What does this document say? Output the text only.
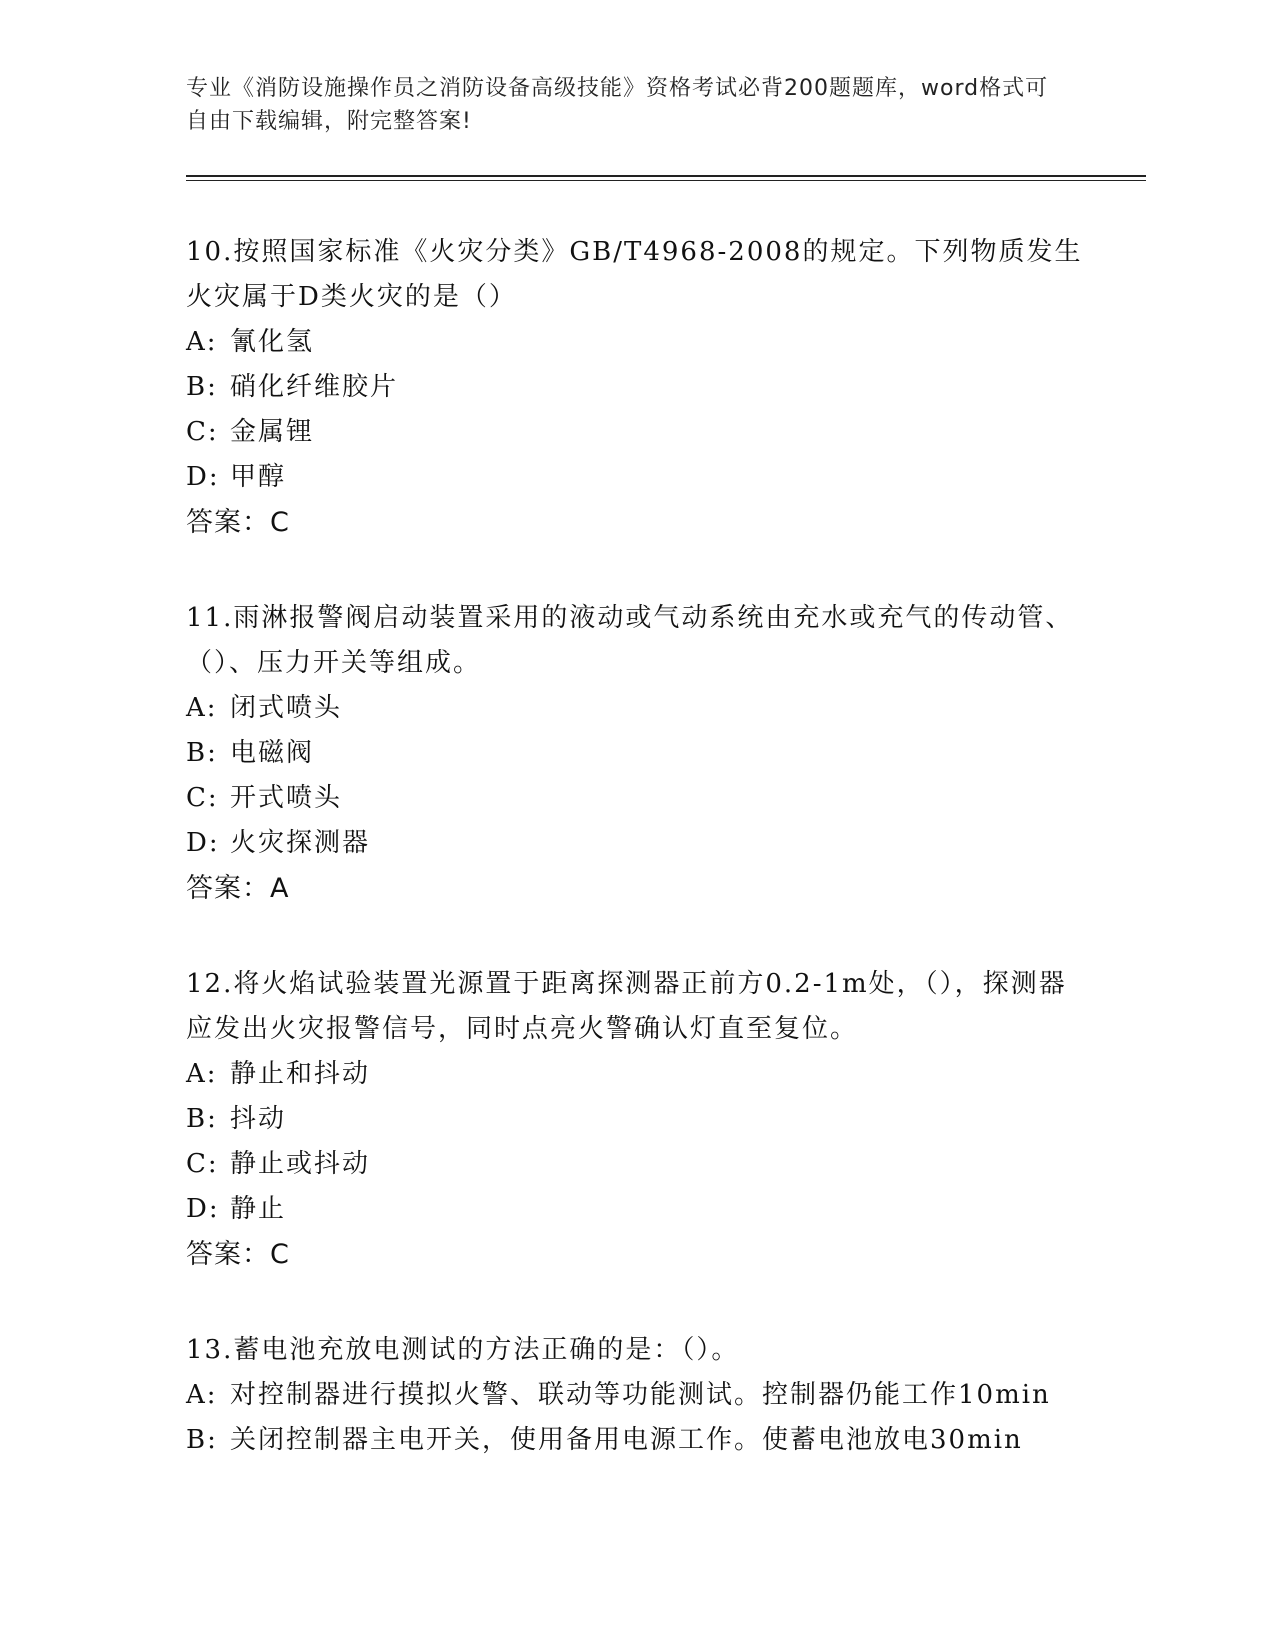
专业《消防设施操作员之消防设备高级技能》资格考试必背200题题库，word格式可自由下载编辑，附完整答案!
10.按照国家标准《火灾分类》GB/T4968-2008的规定。下列物质发生火灾属于D类火灾的是（）
A: 氰化氢
B: 硝化纤维胶片
C: 金属锂
D: 甲醇
答案：C
11.雨淋报警阀启动装置采用的液动或气动系统由充水或充气的传动管、（）、压力开关等组成。
A: 闭式喷头
B: 电磁阀
C: 开式喷头
D: 火灾探测器
答案：A
12.将火焰试验装置光源置于距离探测器正前方0.2-1m处，（），探测器应发出火灾报警信号，同时点亮火警确认灯直至复位。
A: 静止和抖动
B: 抖动
C: 静止或抖动
D: 静止
答案：C
13.蓄电池充放电测试的方法正确的是：（）。
A: 对控制器进行摸拟火警、联动等功能测试。控制器仍能工作10min
B: 关闭控制器主电开关，使用备用电源工作。使蓄电池放电30min
